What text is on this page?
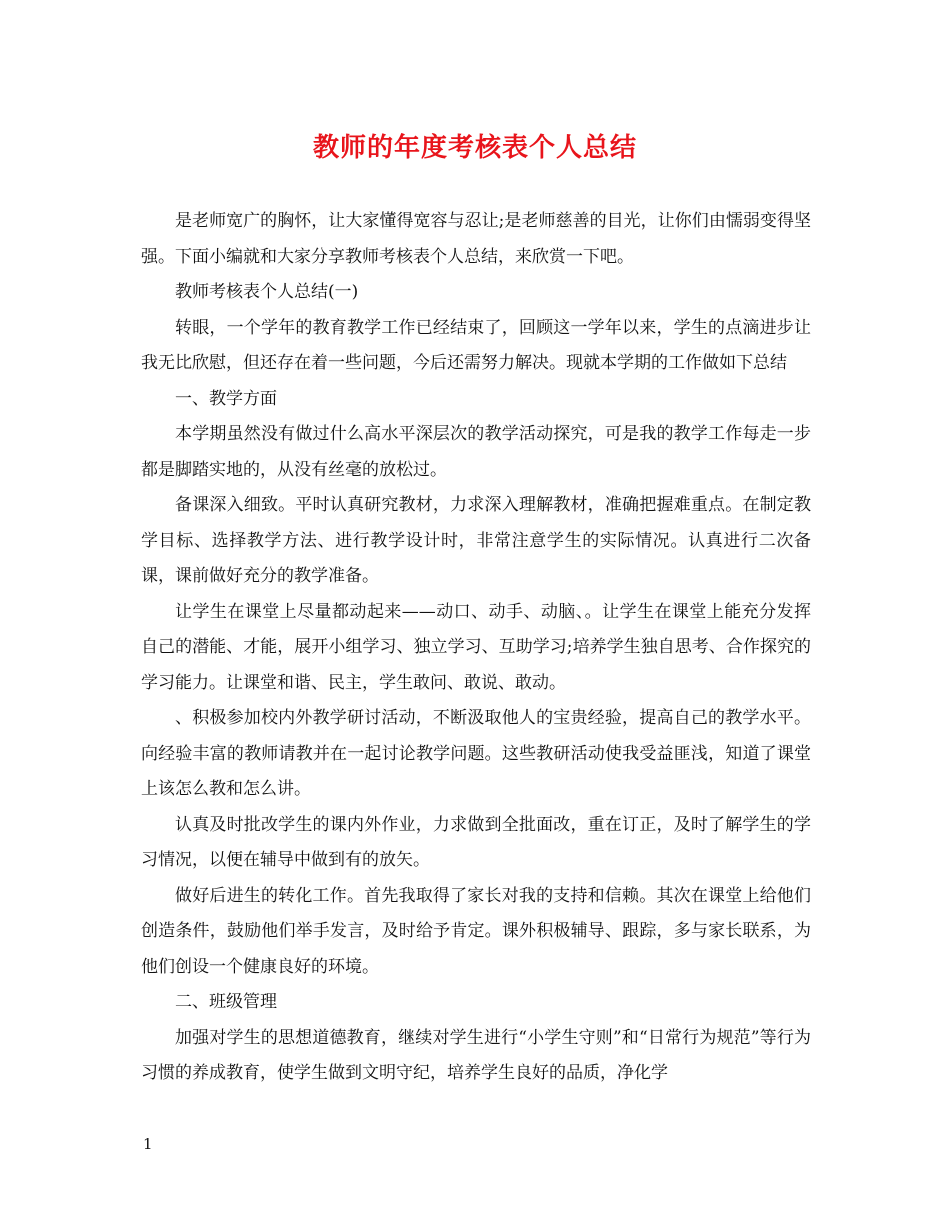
教师的年度考核表个人总结

是老师宽广的胸怀，让大家懂得宽容与忍让;是老师慈善的目光，让你们由懦弱变得坚强。下面小编就和大家分享教师考核表个人总结，来欣赏一下吧。

教师考核表个人总结(一)

转眼，一个学年的教育教学工作已经结束了，回顾这一学年以来，学生的点滴进步让我无比欣慰，但还存在着一些问题，今后还需努力解决。现就本学期的工作做如下总结

一、教学方面

本学期虽然没有做过什么高水平深层次的教学活动探究，可是我的教学工作每走一步都是脚踏实地的，从没有丝毫的放松过。

备课深入细致。平时认真研究教材，力求深入理解教材，准确把握难重点。在制定教学目标、选择教学方法、进行教学设计时，非常注意学生的实际情况。认真进行二次备课，课前做好充分的教学准备。

让学生在课堂上尽量都动起来——动口、动手、动脑、。让学生在课堂上能充分发挥自己的潜能、才能，展开小组学习、独立学习、互助学习;培养学生独自思考、合作探究的学习能力。让课堂和谐、民主，学生敢问、敢说、敢动。

、积极参加校内外教学研讨活动，不断汲取他人的宝贵经验，提高自己的教学水平。向经验丰富的教师请教并在一起讨论教学问题。这些教研活动使我受益匪浅，知道了课堂上该怎么教和怎么讲。

认真及时批改学生的课内外作业，力求做到全批面改，重在订正，及时了解学生的学习情况，以便在辅导中做到有的放矢。

做好后进生的转化工作。首先我取得了家长对我的支持和信赖。其次在课堂上给他们创造条件，鼓励他们举手发言，及时给予肯定。课外积极辅导、跟踪，多与家长联系，为他们创设一个健康良好的环境。

二、班级管理

加强对学生的思想道德教育，继续对学生进行“小学生守则”和“日常行为规范”等行为习惯的养成教育，使学生做到文明守纪，培养学生良好的品质，净化学

1
